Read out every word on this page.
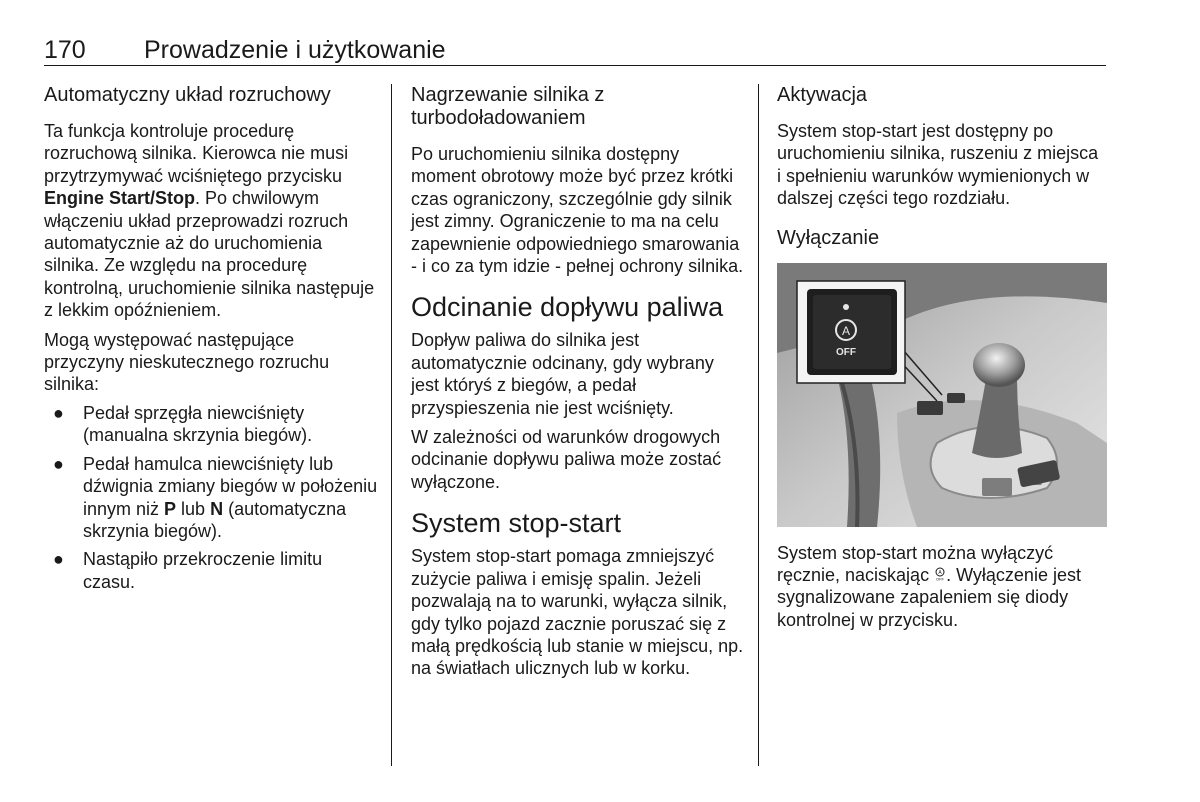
170 Prowadzenie i użytkowanie
Automatyczny układ rozruchowy

Ta funkcja kontroluje procedurę rozruchową silnika. Kierowca nie musi przytrzymywać wciśniętego przycisku Engine Start/Stop. Po chwilowym włączeniu układ przeprowadzi rozruch automatycznie aż do uruchomienia silnika. Ze względu na procedurę kontrolną, uruchomienie silnika następuje z lekkim opóźnieniem.

Mogą występować następujące przyczyny nieskutecznego rozruchu silnika:

● Pedał sprzęgła niewciśnięty (manualna skrzynia biegów).
● Pedał hamulca niewciśnięty lub dźwignia zmiany biegów w położeniu innym niż P lub N (automatyczna skrzynia biegów).
● Nastąpiło przekroczenie limitu czasu.
Nagrzewanie silnika z turbodoładowaniem

Po uruchomieniu silnika dostępny moment obrotowy może być przez krótki czas ograniczony, szczególnie gdy silnik jest zimny. Ograniczenie to ma na celu zapewnienie odpowiedniego smarowania - i co za tym idzie - pełnej ochrony silnika.

Odcinanie dopływu paliwa

Dopływ paliwa do silnika jest automatycznie odcinany, gdy wybrany jest któryś z biegów, a pedał przyspieszenia nie jest wciśnięty.

W zależności od warunków drogowych odcinanie dopływu paliwa może zostać wyłączone.

System stop-start

System stop-start pomaga zmniejszyć zużycie paliwa i emisję spalin. Jeżeli pozwalają na to warunki, wyłącza silnik, gdy tylko pojazd zacznie poruszać się z małą prędkością lub stanie w miejscu, np. na światłach ulicznych lub w korku.

Aktywacja

System stop-start jest dostępny po uruchomieniu silnika, ruszeniu z miejsca i spełnieniu warunków wymienionych w dalszej części tego rozdziału.

Wyłączanie
A
OFF

System stop-start można wyłączyć ręcznie, naciskając A
OFF . Wyłączenie jest sygnalizowane zapaleniem się diody kontrolnej w przycisku.
